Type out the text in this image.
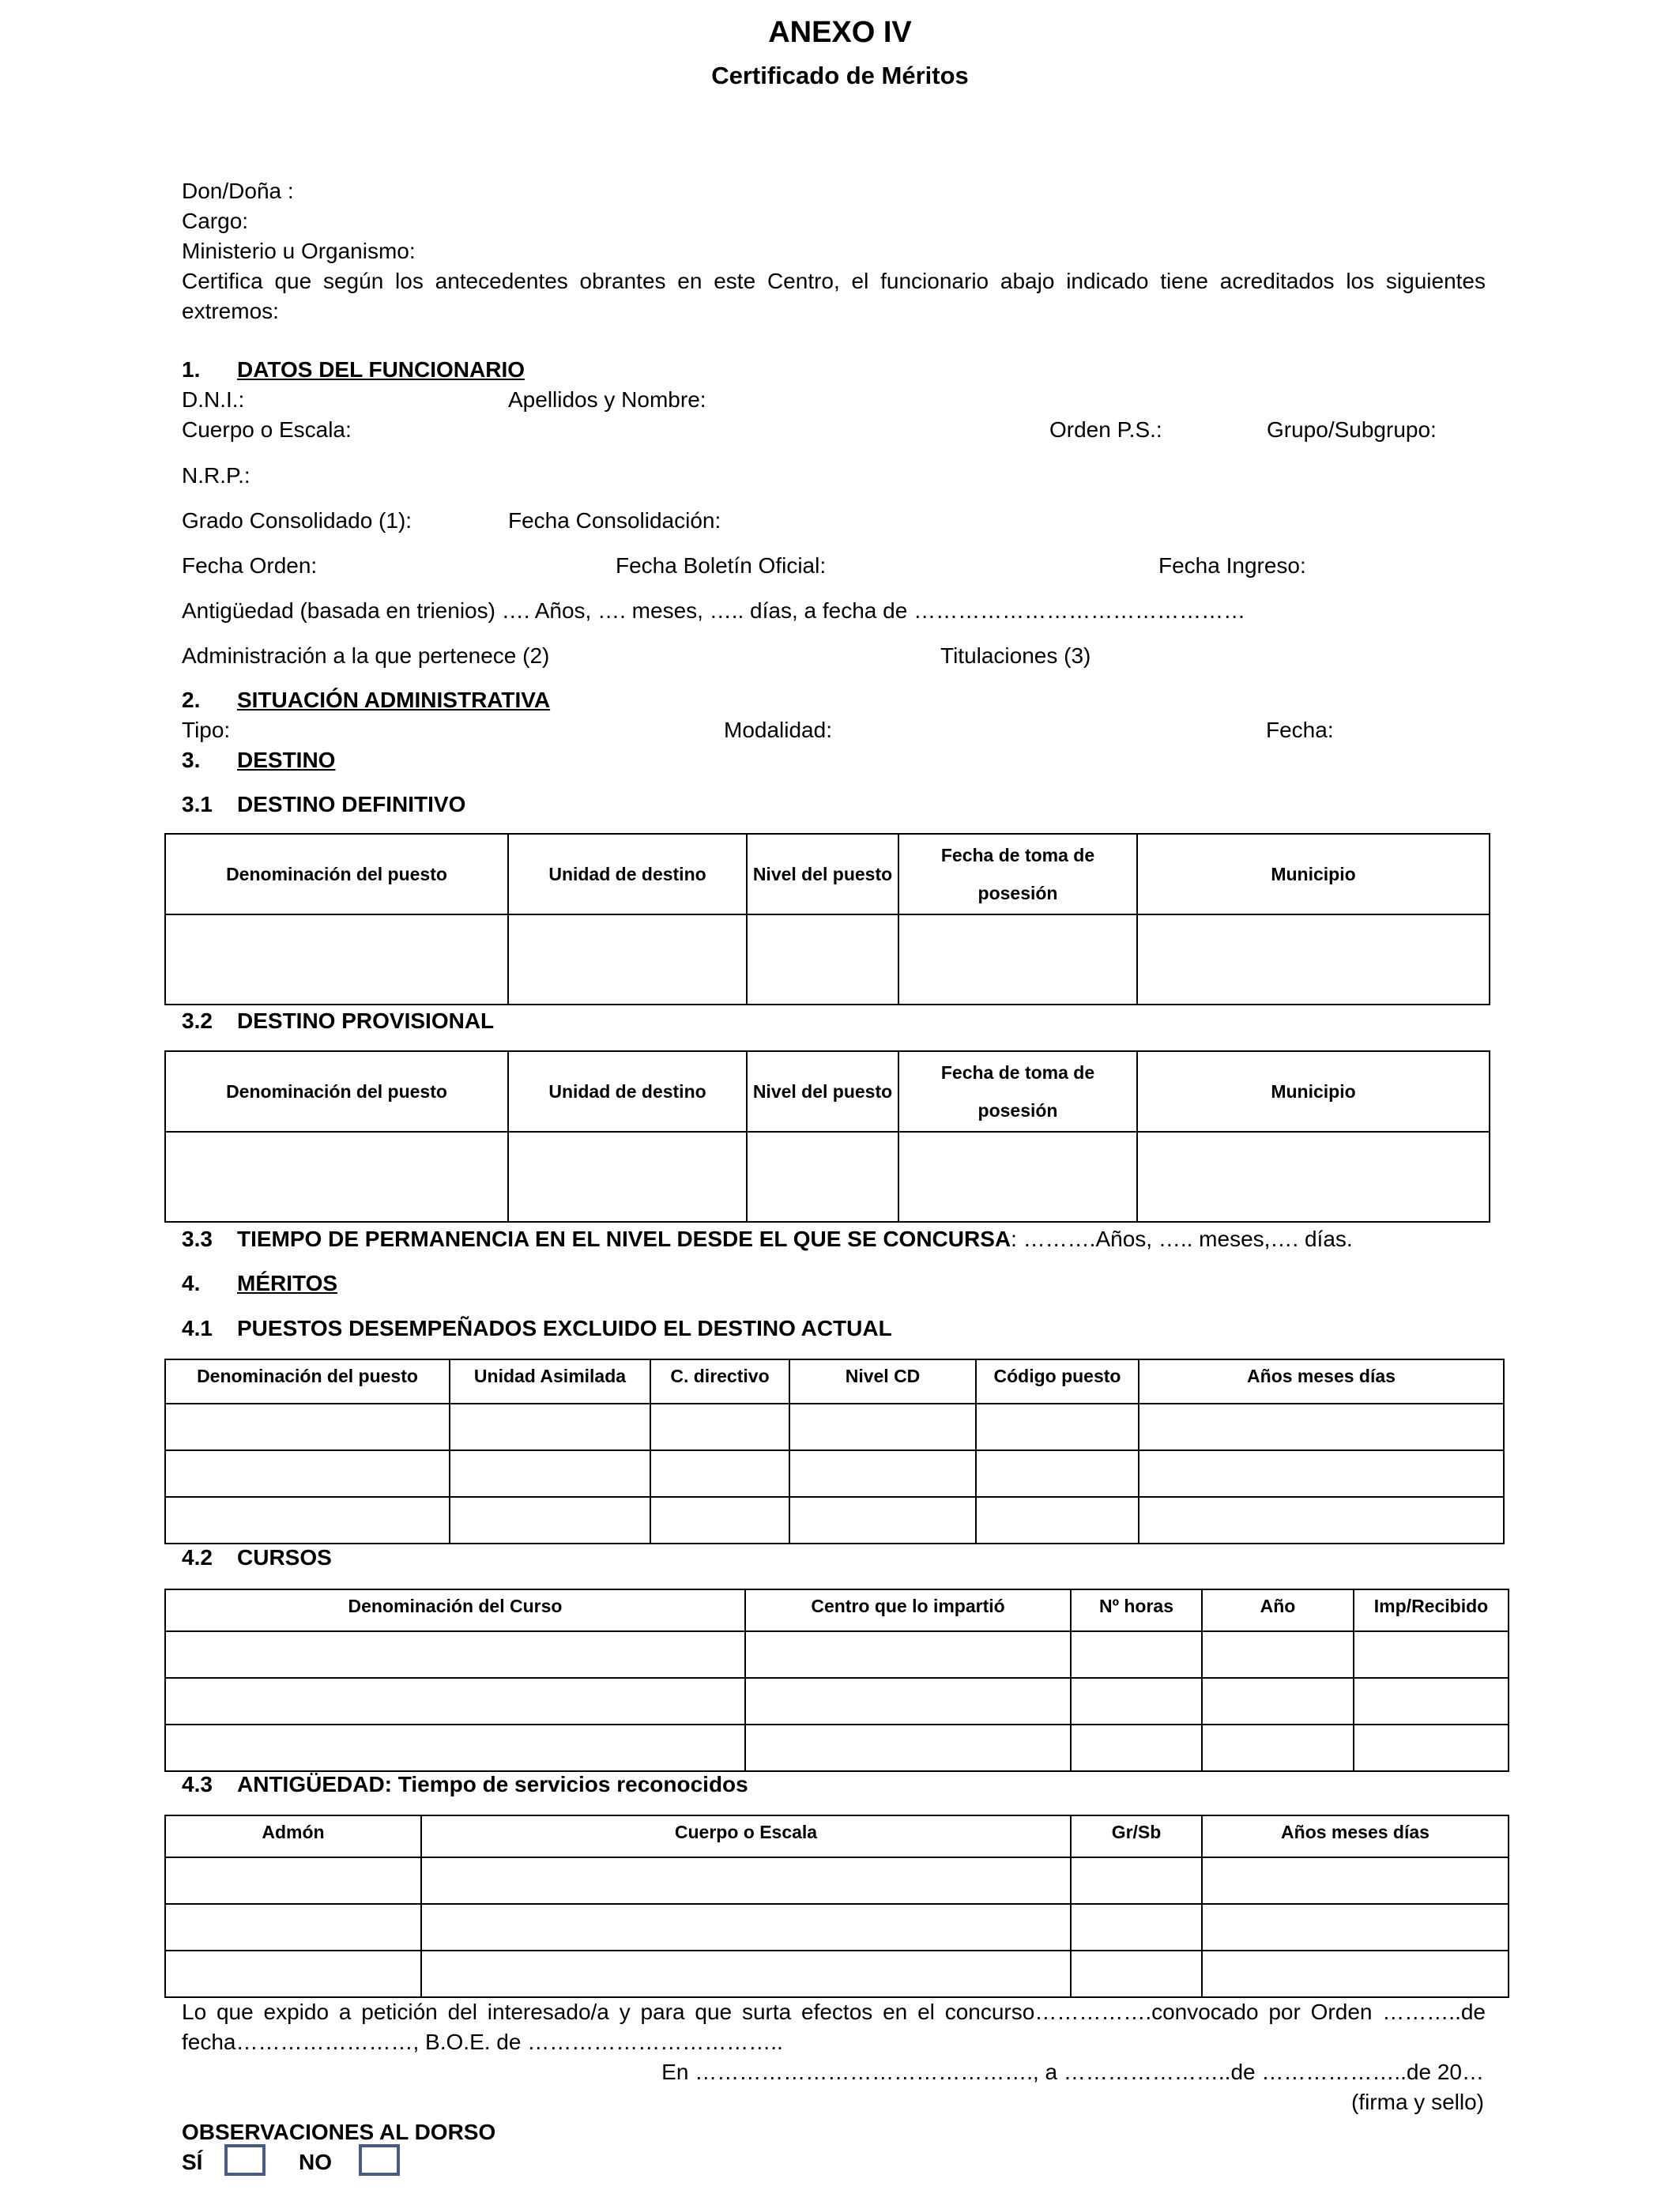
ANEXO IV
Certificado de Méritos
Don/Doña :
Cargo:
Ministerio u Organismo:
Certifica que según los antecedentes obrantes en este Centro, el funcionario abajo indicado tiene acreditados los siguientes extremos:
1. DATOS DEL FUNCIONARIO
D.N.I.:	Apellidos y Nombre:
Cuerpo o Escala:	Orden P.S.:	Grupo/Subgrupo:
N.R.P.:
Grado Consolidado (1):	Fecha Consolidación:
Fecha Orden:	Fecha Boletín Oficial:	Fecha Ingreso:
Antigüedad (basada en trienios) …. Años, …. meses, ….. días, a fecha de ………………………………………
Administración a la que pertenece (2)	Titulaciones (3)
2. SITUACIÓN ADMINISTRATIVA
Tipo:	Modalidad:	Fecha:
3. DESTINO
3.1 DESTINO DEFINITIVO
Denominación del puesto	Unidad de destino	Nivel del puesto	Fecha de toma de posesión	Municipio

3.2 DESTINO PROVISIONAL
Denominación del puesto	Unidad de destino	Nivel del puesto	Fecha de toma de posesión	Municipio

3.3 TIEMPO DE PERMANENCIA EN EL NIVEL DESDE EL QUE SE CONCURSA: ……….Años, ….. meses,…. días.
4. MÉRITOS
4.1 PUESTOS DESEMPEÑADOS EXCLUIDO EL DESTINO ACTUAL
Denominación del puesto	Unidad Asimilada	C. directivo	Nivel CD	Código puesto	Años meses días

4.2 CURSOS
Denominación del Curso	Centro que lo impartió	Nº horas	Año	Imp/Recibido

4.3 ANTIGÜEDAD: Tiempo de servicios reconocidos
Admón	Cuerpo o Escala	Gr/Sb	Años meses días

Lo que expido a petición del interesado/a y para que surta efectos en el concurso…………….convocado por Orden ………..de fecha……………………, B.O.E. de ……………………………..
En ………………………………………., a …………………..de ………………..de 20…
(firma y sello)
OBSERVACIONES AL DORSO
SÍ	NO
